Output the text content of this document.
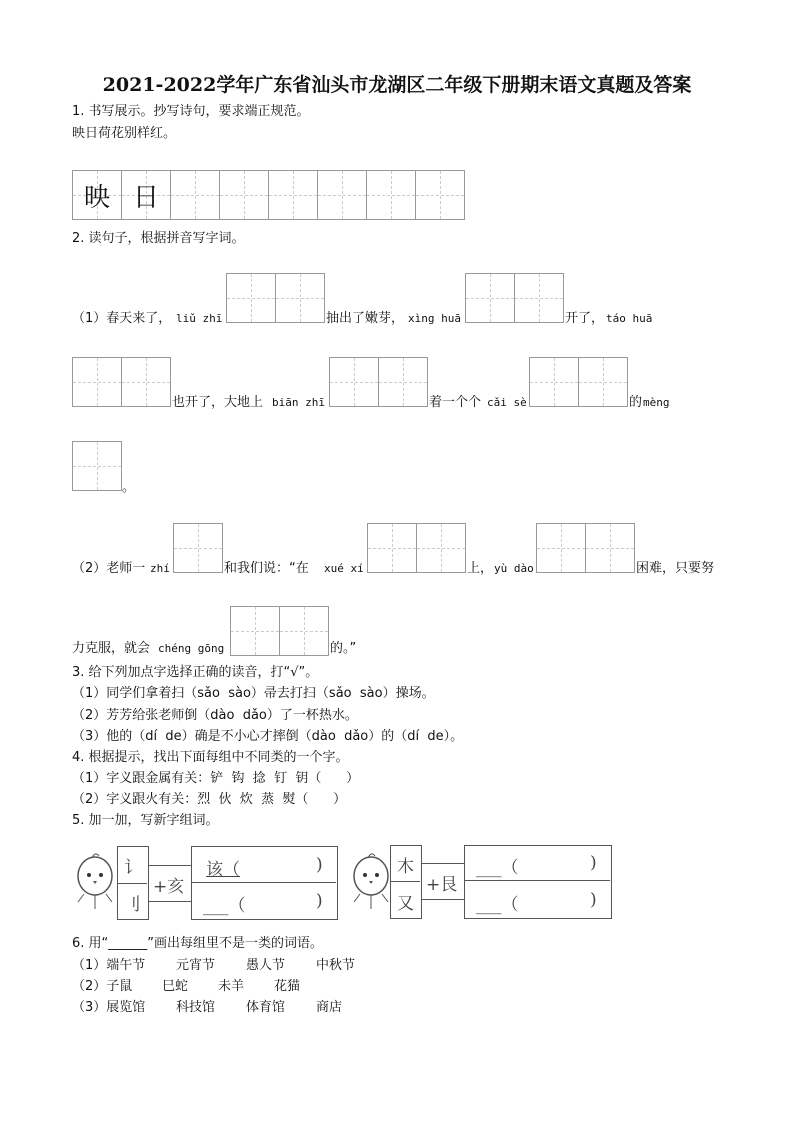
2021-2022学年广东省汕头市龙湖区二年级下册期末语文真题及答案
1. 书写展示。抄写诗句，要求端正规范。
映日荷花别样红。
映 日
2. 读句子，根据拼音写字词。
（1）春天来了， liǔ zhī	抽出了嫩芽， xìng huā	开了， táo huā
也开了，大地上 biān zhī	着一个个 cǎi sè	的 mèng
。
（2）老师一 zhí	和我们说：“在 xué xí	上， yù dào	困难，只要努
力克服，就会 chéng gōng	的。”
3. 给下列加点字选择正确的读音，打“√”。
（1）同学们拿着扫（sǎo  sào）帚去打扫（sǎo  sào）操场。
（2）芳芳给张老师倒（dào  dǎo）了一杯热水。
（3）他的（dí  de）确是不小心才摔倒（dào  dǎo）的（dí  de）。
4. 根据提示，找出下面每组中不同类的一个字。
（1）字义跟金属有关：铲  钩  捻  钉  钥（      ）
（2）字义跟火有关：烈  伙  炊  蒸  熨（      ）
5. 加一加，写新字组词。
讠
刂
+亥
该（	)
___（	)
木
又
+艮
___（	)
___（	)
6. 用“______”画出每组里不是一类的词语。
（1）端午节 元宵节 愚人节 中秋节
（2）子鼠 巳蛇 未羊 花猫
（3）展览馆 科技馆 体育馆 商店
